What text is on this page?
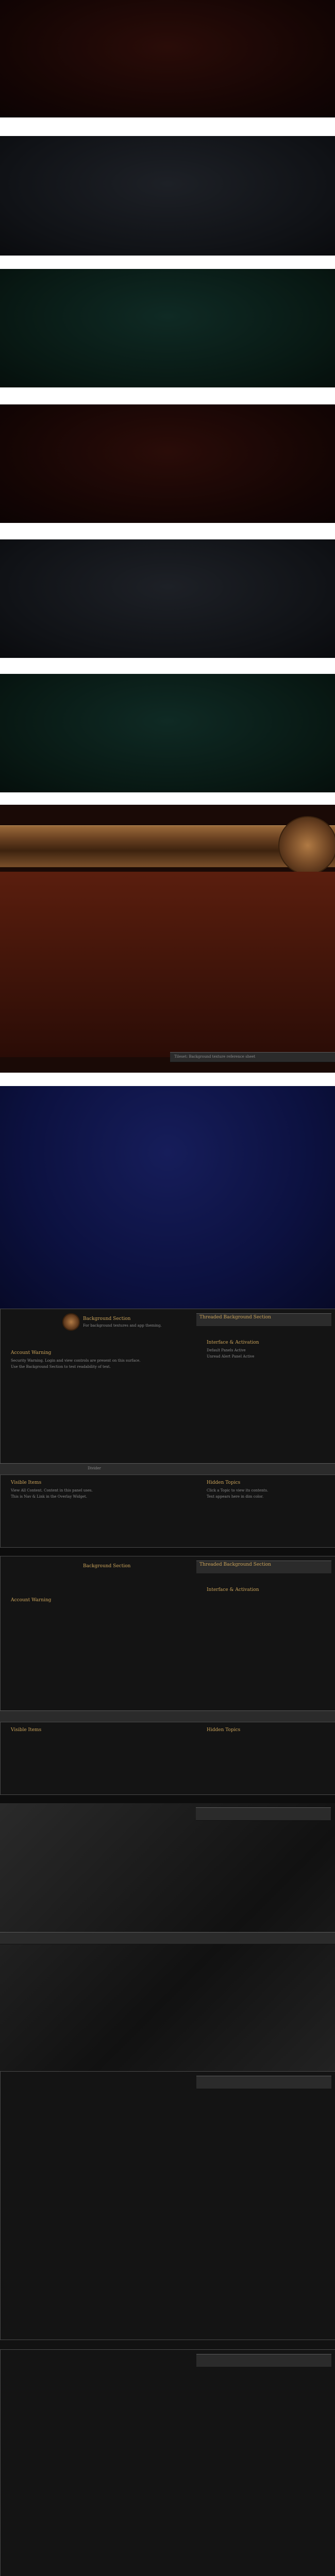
Tileset: Background texture reference sheet
Threaded Background Section
Background Section
For background textures and app theming.
Account Warning
Security Warning. Login and view controls are present on this surface.
Use the Background Section to test readability of text.
Interface & Activation
Default Panels Active
Unread Alert Panel Active
Divider
Visible Items
View All Content. Content in this panel uses.
This is Nav & Link in the Overlay Widget.
Hidden Topics
Click a Topic to view its contents.
Text appears here in dim color.
Threaded Background Section
Background Section
Account Warning
Interface & Activation
Visible Items	Hidden Topics
